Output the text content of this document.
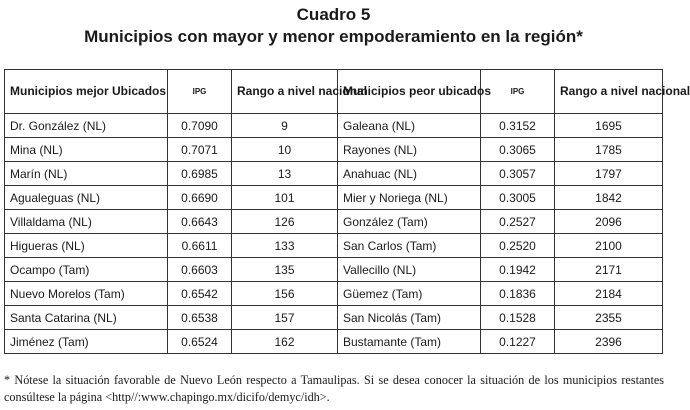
Cuadro 5
Municipios con mayor y menor empoderamiento en la región*
Municipios mejor Ubicados	IPG	Rango a nivel nacional	Municipios peor ubicados	IPG	Rango a nivel nacional
Dr. González (NL)	0.7090	9	Galeana (NL)	0.3152	1695
Mina (NL)	0.7071	10	Rayones (NL)	0.3065	1785
Marín (NL)	0.6985	13	Anahuac (NL)	0.3057	1797
Agualeguas (NL)	0.6690	101	Mier y Noriega (NL)	0.3005	1842
Villaldama (NL)	0.6643	126	González (Tam)	0.2527	2096
Higueras (NL)	0.6611	133	San Carlos (Tam)	0.2520	2100
Ocampo (Tam)	0.6603	135	Vallecillo (NL)	0.1942	2171
Nuevo Morelos (Tam)	0.6542	156	Güemez (Tam)	0.1836	2184
Santa Catarina (NL)	0.6538	157	San Nicolás (Tam)	0.1528	2355
Jiménez (Tam)	0.6524	162	Bustamante (Tam)	0.1227	2396
* Nótese la situación favorable de Nuevo León respecto a Tamaulipas. Si se desea conocer la situación de los municipios restantes consúltese la página <http//:www.chapingo.mx/dicifo/demyc/idh>.
